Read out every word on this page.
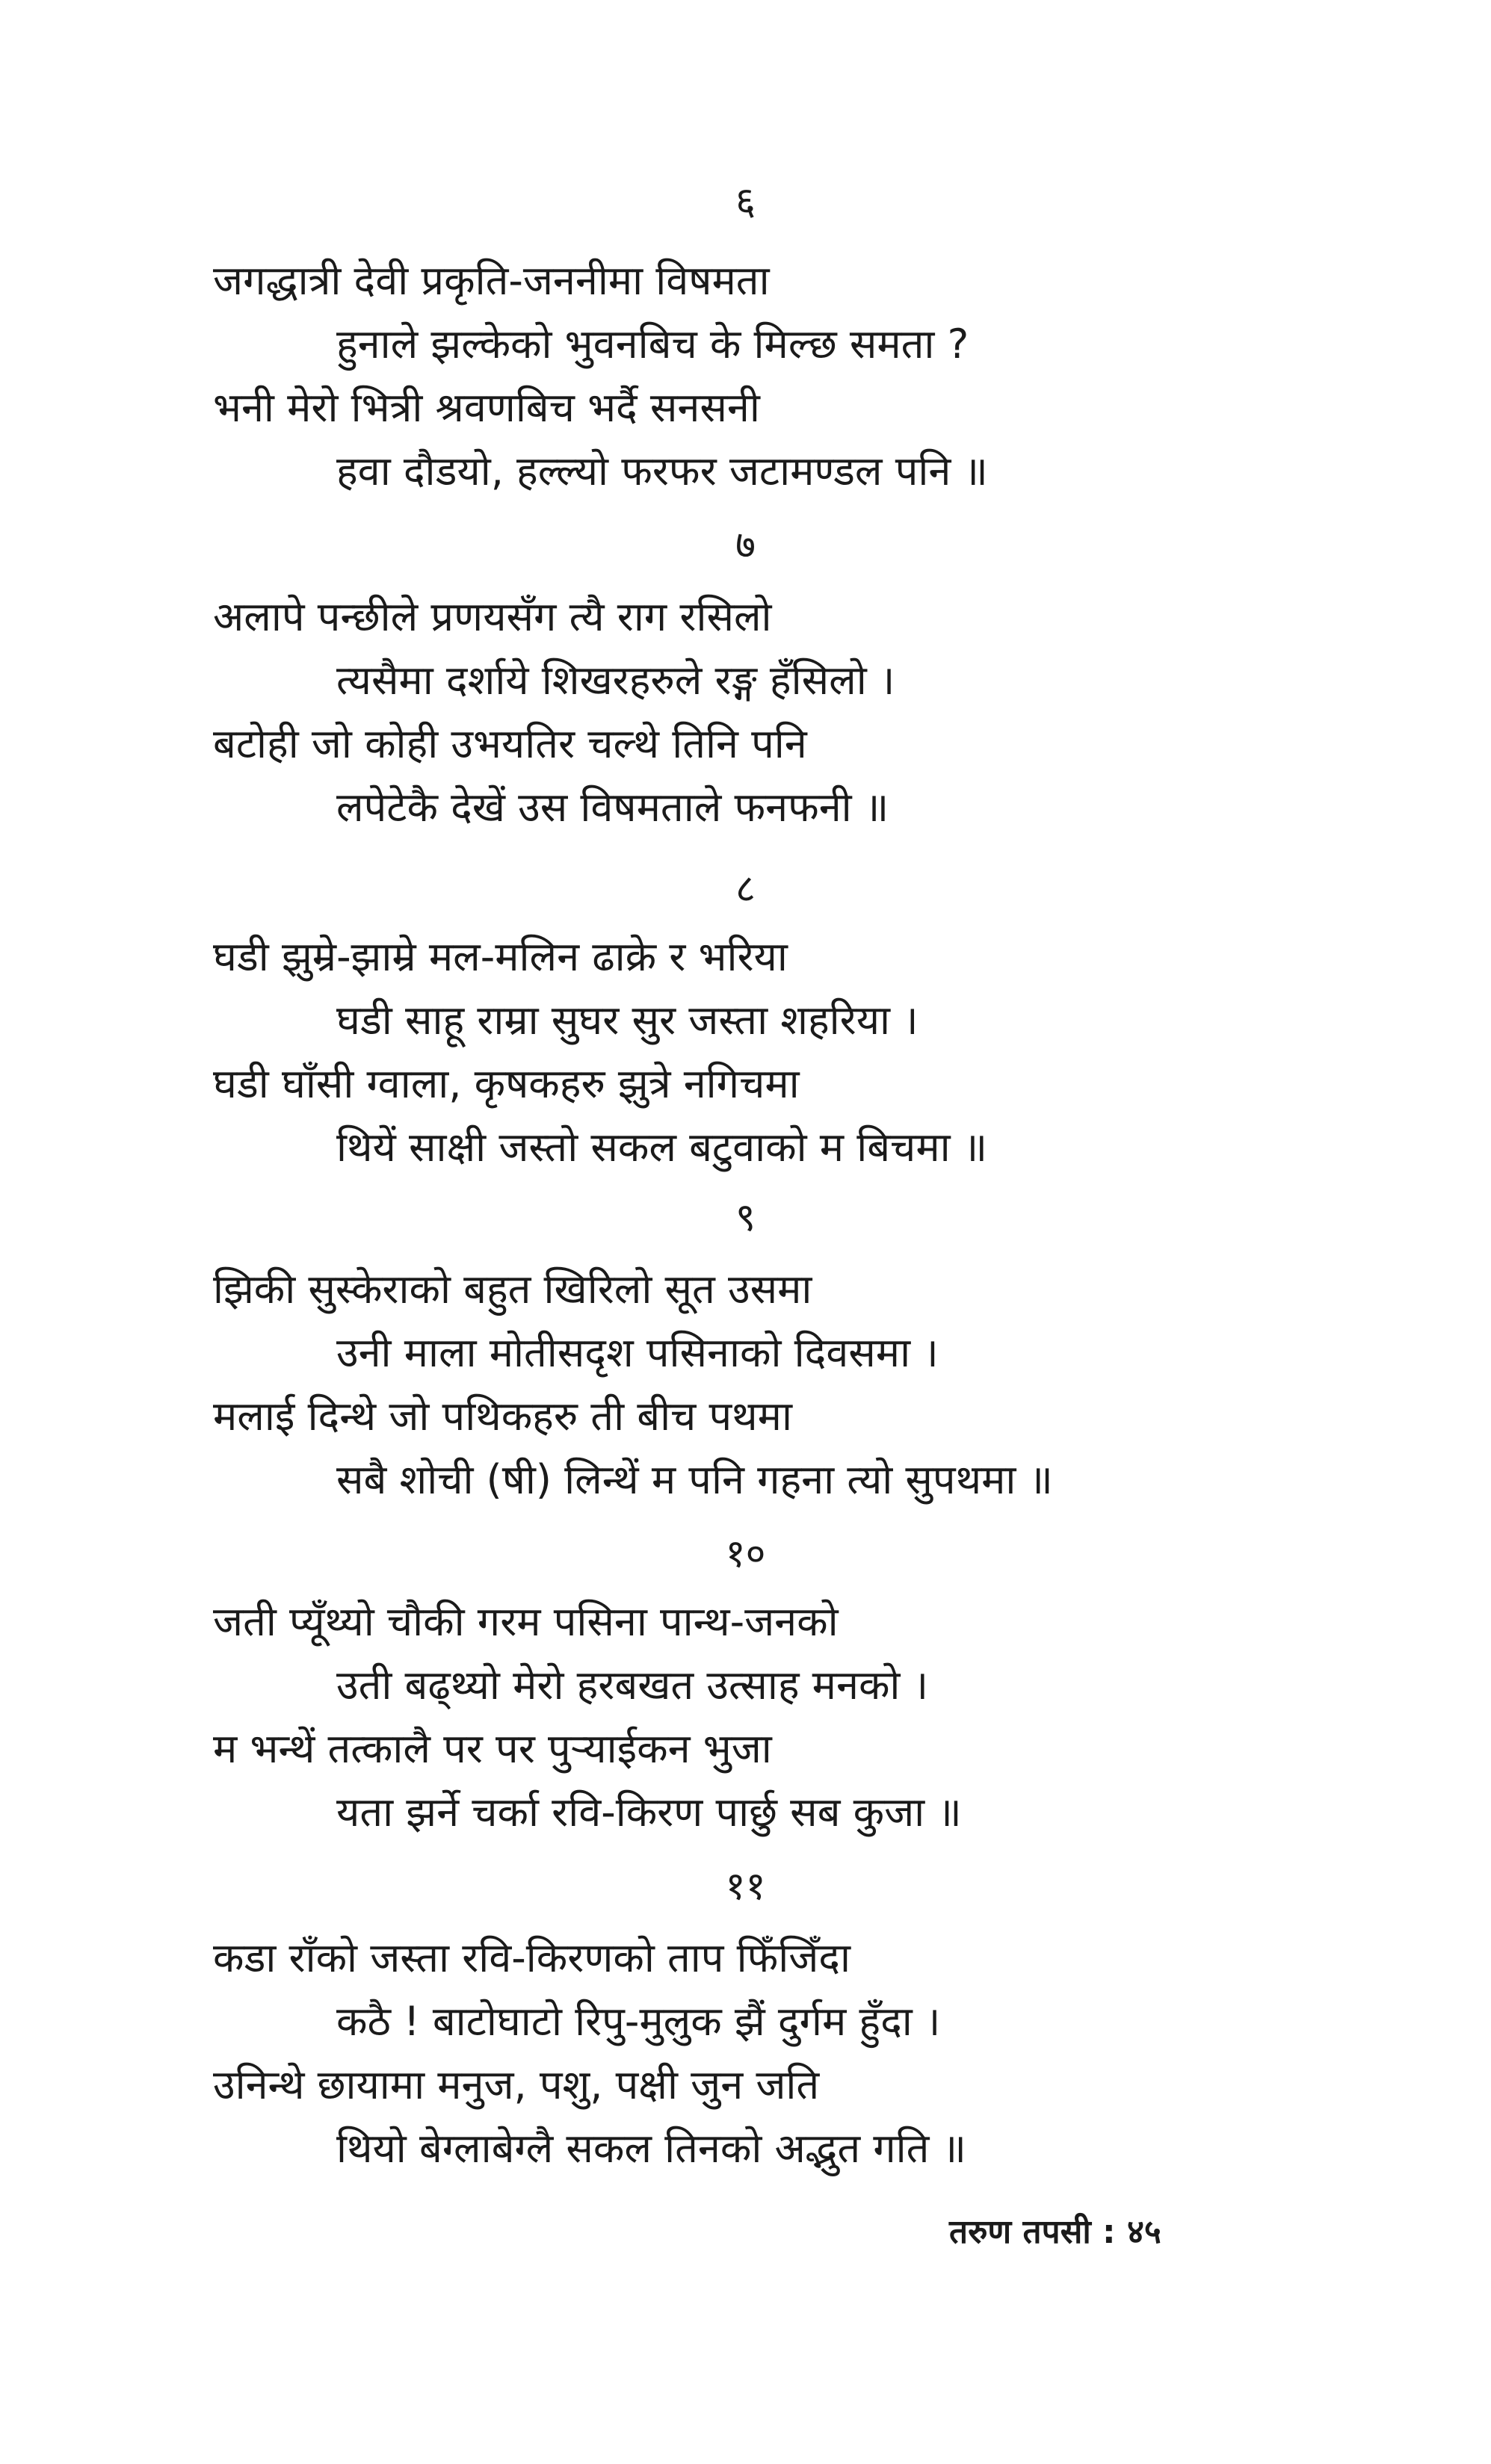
६
जगद्धात्री देवी प्रकृति-जननीमा विषमता
हुनाले झल्केको भुवनबिच के मिल्छ समता ?
भनी मेरो भित्री श्रवणबिच भर्दै सनसनी
हवा दौडयो, हल्ल्यो फरफर जटामण्डल पनि ॥
७
अलापे पन्छीले प्रणयसँग त्यै राग रसिलो
त्यसैमा दर्शाये शिखरहरुले रङ्ग हँसिलो ।
बटोही जो कोही उभयतिर चल्थे तिनि पनि
लपेटेकै देखें उस विषमताले फनफनी ॥
८
घडी झुम्रे-झाम्रे मल-मलिन ढाक्रे र भरिया
घडी साहू राम्रा सुघर सुर जस्ता शहरिया ।
घडी घाँसी ग्वाला, कृषकहरु झुत्रे नगिचमा
थियें साक्षी जस्तो सकल बटुवाको म बिचमा ॥
९
झिकी सुस्केराको बहुत खिरिलो सूत उसमा
उनी माला मोतीसदृश पसिनाको दिवसमा ।
मलाई दिन्थे जो पथिकहरु ती बीच पथमा
सबै शोची (षी) लिन्थें म पनि गहना त्यो सुपथमा ॥
१०
जती प्यूँथ्यो चौकी गरम पसिना पान्थ-जनको
उती बढ्थ्यो मेरो हरबखत उत्साह मनको ।
म भन्थें तत्कालै पर पर पुर्‍याईकन भुजा
यता झर्ने चर्का रवि-किरण पार्छु सब कुजा ॥
११
कडा राँको जस्ता रवि-किरणको ताप फिँजिँदा
कठै ! बाटोघाटो रिपु-मुलुक झैं दुर्गम हुँदा ।
उनिन्थे छायामा मनुज, पशु, पक्षी जुन जति
थियो बेग्लाबेग्लै सकल तिनको अद्भुत गति ॥
तरुण तपसी : ४५
